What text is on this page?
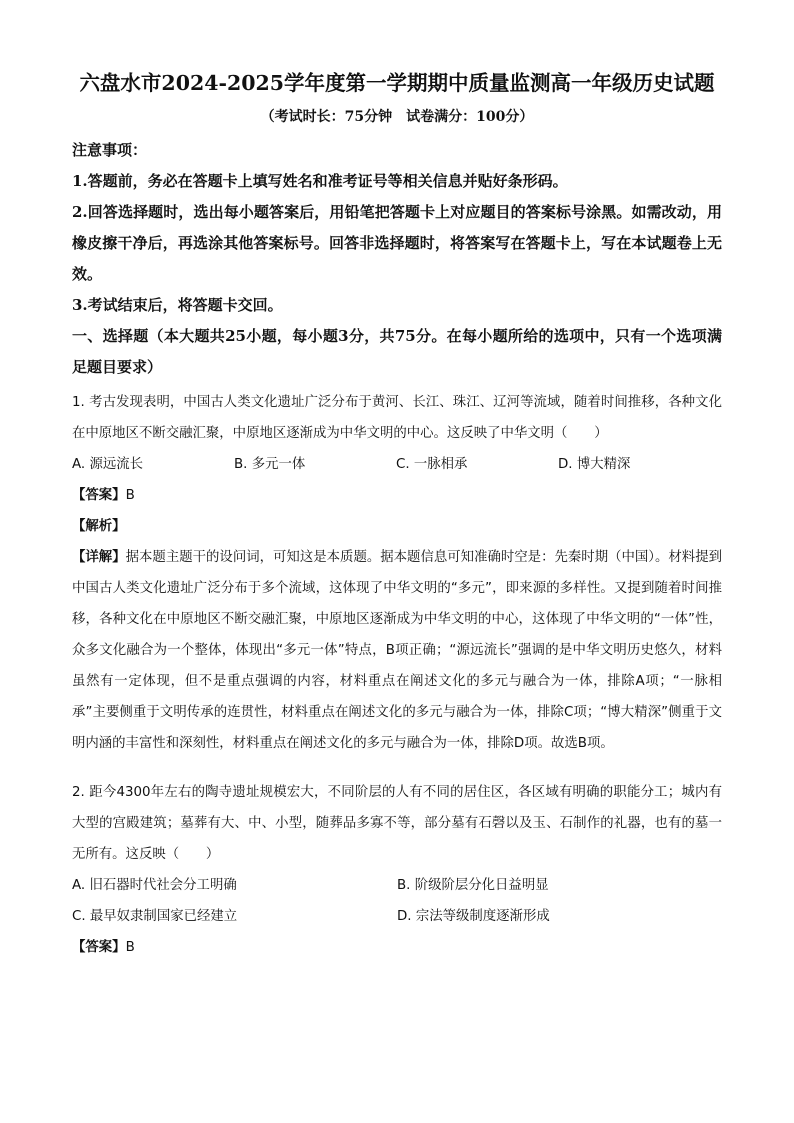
六盘水市2024-2025学年度第一学期期中质量监测高一年级历史试题
（考试时长：75分钟　试卷满分：100分）
注意事项：
1.答题前，务必在答题卡上填写姓名和准考证号等相关信息并贴好条形码。
2.回答选择题时，选出每小题答案后，用铅笔把答题卡上对应题目的答案标号涂黑。如需改动，用橡皮擦干净后，再选涂其他答案标号。回答非选择题时，将答案写在答题卡上，写在本试题卷上无效。
3.考试结束后，将答题卡交回。

一、选择题（本大题共25小题，每小题3分，共75分。在每小题所给的选项中，只有一个选项满足题目要求）

1. 考古发现表明，中国古人类文化遗址广泛分布于黄河、长江、珠江、辽河等流域，随着时间推移，各种文化在中原地区不断交融汇聚，中原地区逐渐成为中华文明的中心。这反映了中华文明（　　）

A. 源远流长	B. 多元一体	C. 一脉相承	D. 博大精深
【答案】B
【解析】

【详解】据本题主题干的设问词，可知这是本质题。据本题信息可知准确时空是：先秦时期（中国）。材料提到中国古人类文化遗址广泛分布于多个流域，这体现了中华文明的“多元”，即来源的多样性。又提到随着时间推移，各种文化在中原地区不断交融汇聚，中原地区逐渐成为中华文明的中心，这体现了中华文明的“一体”性，众多文化融合为一个整体，体现出“多元一体”特点，B项正确；“源远流长”强调的是中华文明历史悠久，材料虽然有一定体现，但不是重点强调的内容，材料重点在阐述文化的多元与融合为一体，排除A项；“一脉相承”主要侧重于文明传承的连贯性，材料重点在阐述文化的多元与融合为一体，排除C项；“博大精深”侧重于文明内涵的丰富性和深刻性，材料重点在阐述文化的多元与融合为一体，排除D项。故选B项。

2. 距今4300年左右的陶寺遗址规模宏大，不同阶层的人有不同的居住区，各区域有明确的职能分工；城内有大型的宫殿建筑；墓葬有大、中、小型，随葬品多寡不等，部分墓有石磬以及玉、石制作的礼器，也有的墓一无所有。这反映（　　）

A. 旧石器时代社会分工明确	B. 阶级阶层分化日益明显
C. 最早奴隶制国家已经建立	D. 宗法等级制度逐渐形成
【答案】B
